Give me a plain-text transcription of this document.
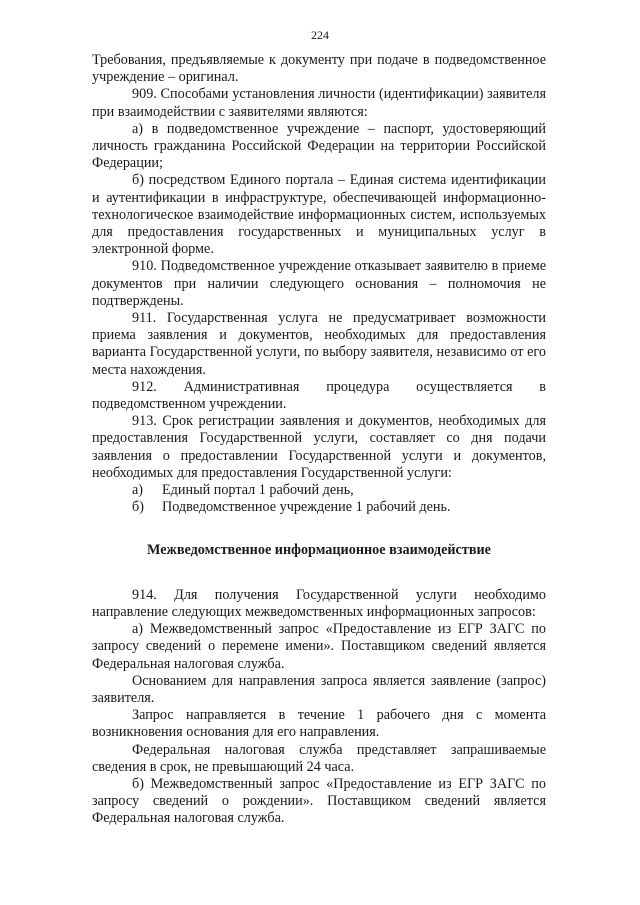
224

Требования, предъявляемые к документу при подаче в подведомственное учреждение – оригинал.

909. Способами установления личности (идентификации) заявителя при взаимодействии с заявителями являются:

а) в подведомственное учреждение – паспорт, удостоверяющий личность гражданина Российской Федерации на территории Российской Федерации;

б) посредством Единого портала – Единая система идентификации и аутентификации в инфраструктуре, обеспечивающей информационно-технологическое взаимодействие информационных систем, используемых для предоставления государственных и муниципальных услуг в электронной форме.

910. Подведомственное учреждение отказывает заявителю в приеме документов при наличии следующего основания – полномочия не подтверждены.

911. Государственная услуга не предусматривает возможности приема заявления и документов, необходимых для предоставления варианта Государственной услуги, по выбору заявителя, независимо от его места нахождения.

912. Административная процедура осуществляется в подведомственном учреждении.

913. Срок регистрации заявления и документов, необходимых для предоставления Государственной услуги, составляет со дня подачи заявления о предоставлении Государственной услуги и документов, необходимых для предоставления Государственной услуги:

а) Единый портал 1 рабочий день,

б) Подведомственное учреждение 1 рабочий день.

Межведомственное информационное взаимодействие

914. Для получения Государственной услуги необходимо направление следующих межведомственных информационных запросов:

а) Межведомственный запрос «Предоставление из ЕГР ЗАГС по запросу сведений о перемене имени». Поставщиком сведений является Федеральная налоговая служба.

Основанием для направления запроса является заявление (запрос) заявителя.

Запрос направляется в течение 1 рабочего дня с момента возникновения основания для его направления.

Федеральная налоговая служба представляет запрашиваемые сведения в срок, не превышающий 24 часа.

б) Межведомственный запрос «Предоставление из ЕГР ЗАГС по запросу сведений о рождении». Поставщиком сведений является Федеральная налоговая служба.
